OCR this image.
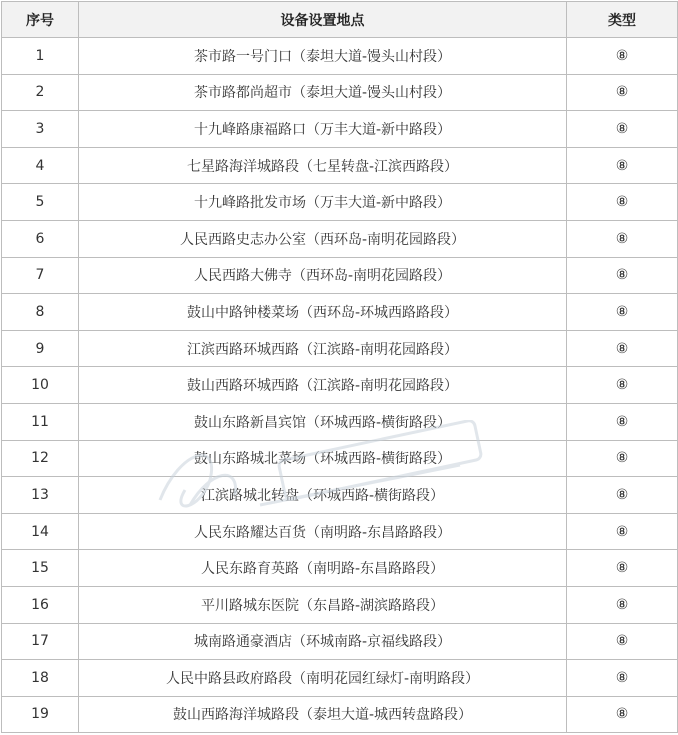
序号	设备设置地点	类型
1	茶市路一号门口（泰坦大道-馒头山村段）	⑧
2	茶市路都尚超市（泰坦大道-馒头山村段）	⑧
3	十九峰路康福路口（万丰大道-新中路段）	⑧
4	七星路海洋城路段（七星转盘-江滨西路段）	⑧
5	十九峰路批发市场（万丰大道-新中路段）	⑧
6	人民西路史志办公室（西环岛-南明花园路段）	⑧
7	人民西路大佛寺（西环岛-南明花园路段）	⑧
8	鼓山中路钟楼菜场（西环岛-环城西路路段）	⑧
9	江滨西路环城西路（江滨路-南明花园路段）	⑧
10	鼓山西路环城西路（江滨路-南明花园路段）	⑧
11	鼓山东路新昌宾馆（环城西路-横街路段）	⑧
12	鼓山东路城北菜场（环城西路-横街路段）	⑧
13	江滨路城北转盘（环城西路-横街路段）	⑧
14	人民东路耀达百货（南明路-东昌路路段）	⑧
15	人民东路育英路（南明路-东昌路路段）	⑧
16	平川路城东医院（东昌路-湖滨路路段）	⑧
17	城南路通豪酒店（环城南路-京福线路段）	⑧
18	人民中路县政府路段（南明花园红绿灯-南明路段）	⑧
19	鼓山西路海洋城路段（泰坦大道-城西转盘路段）	⑧
